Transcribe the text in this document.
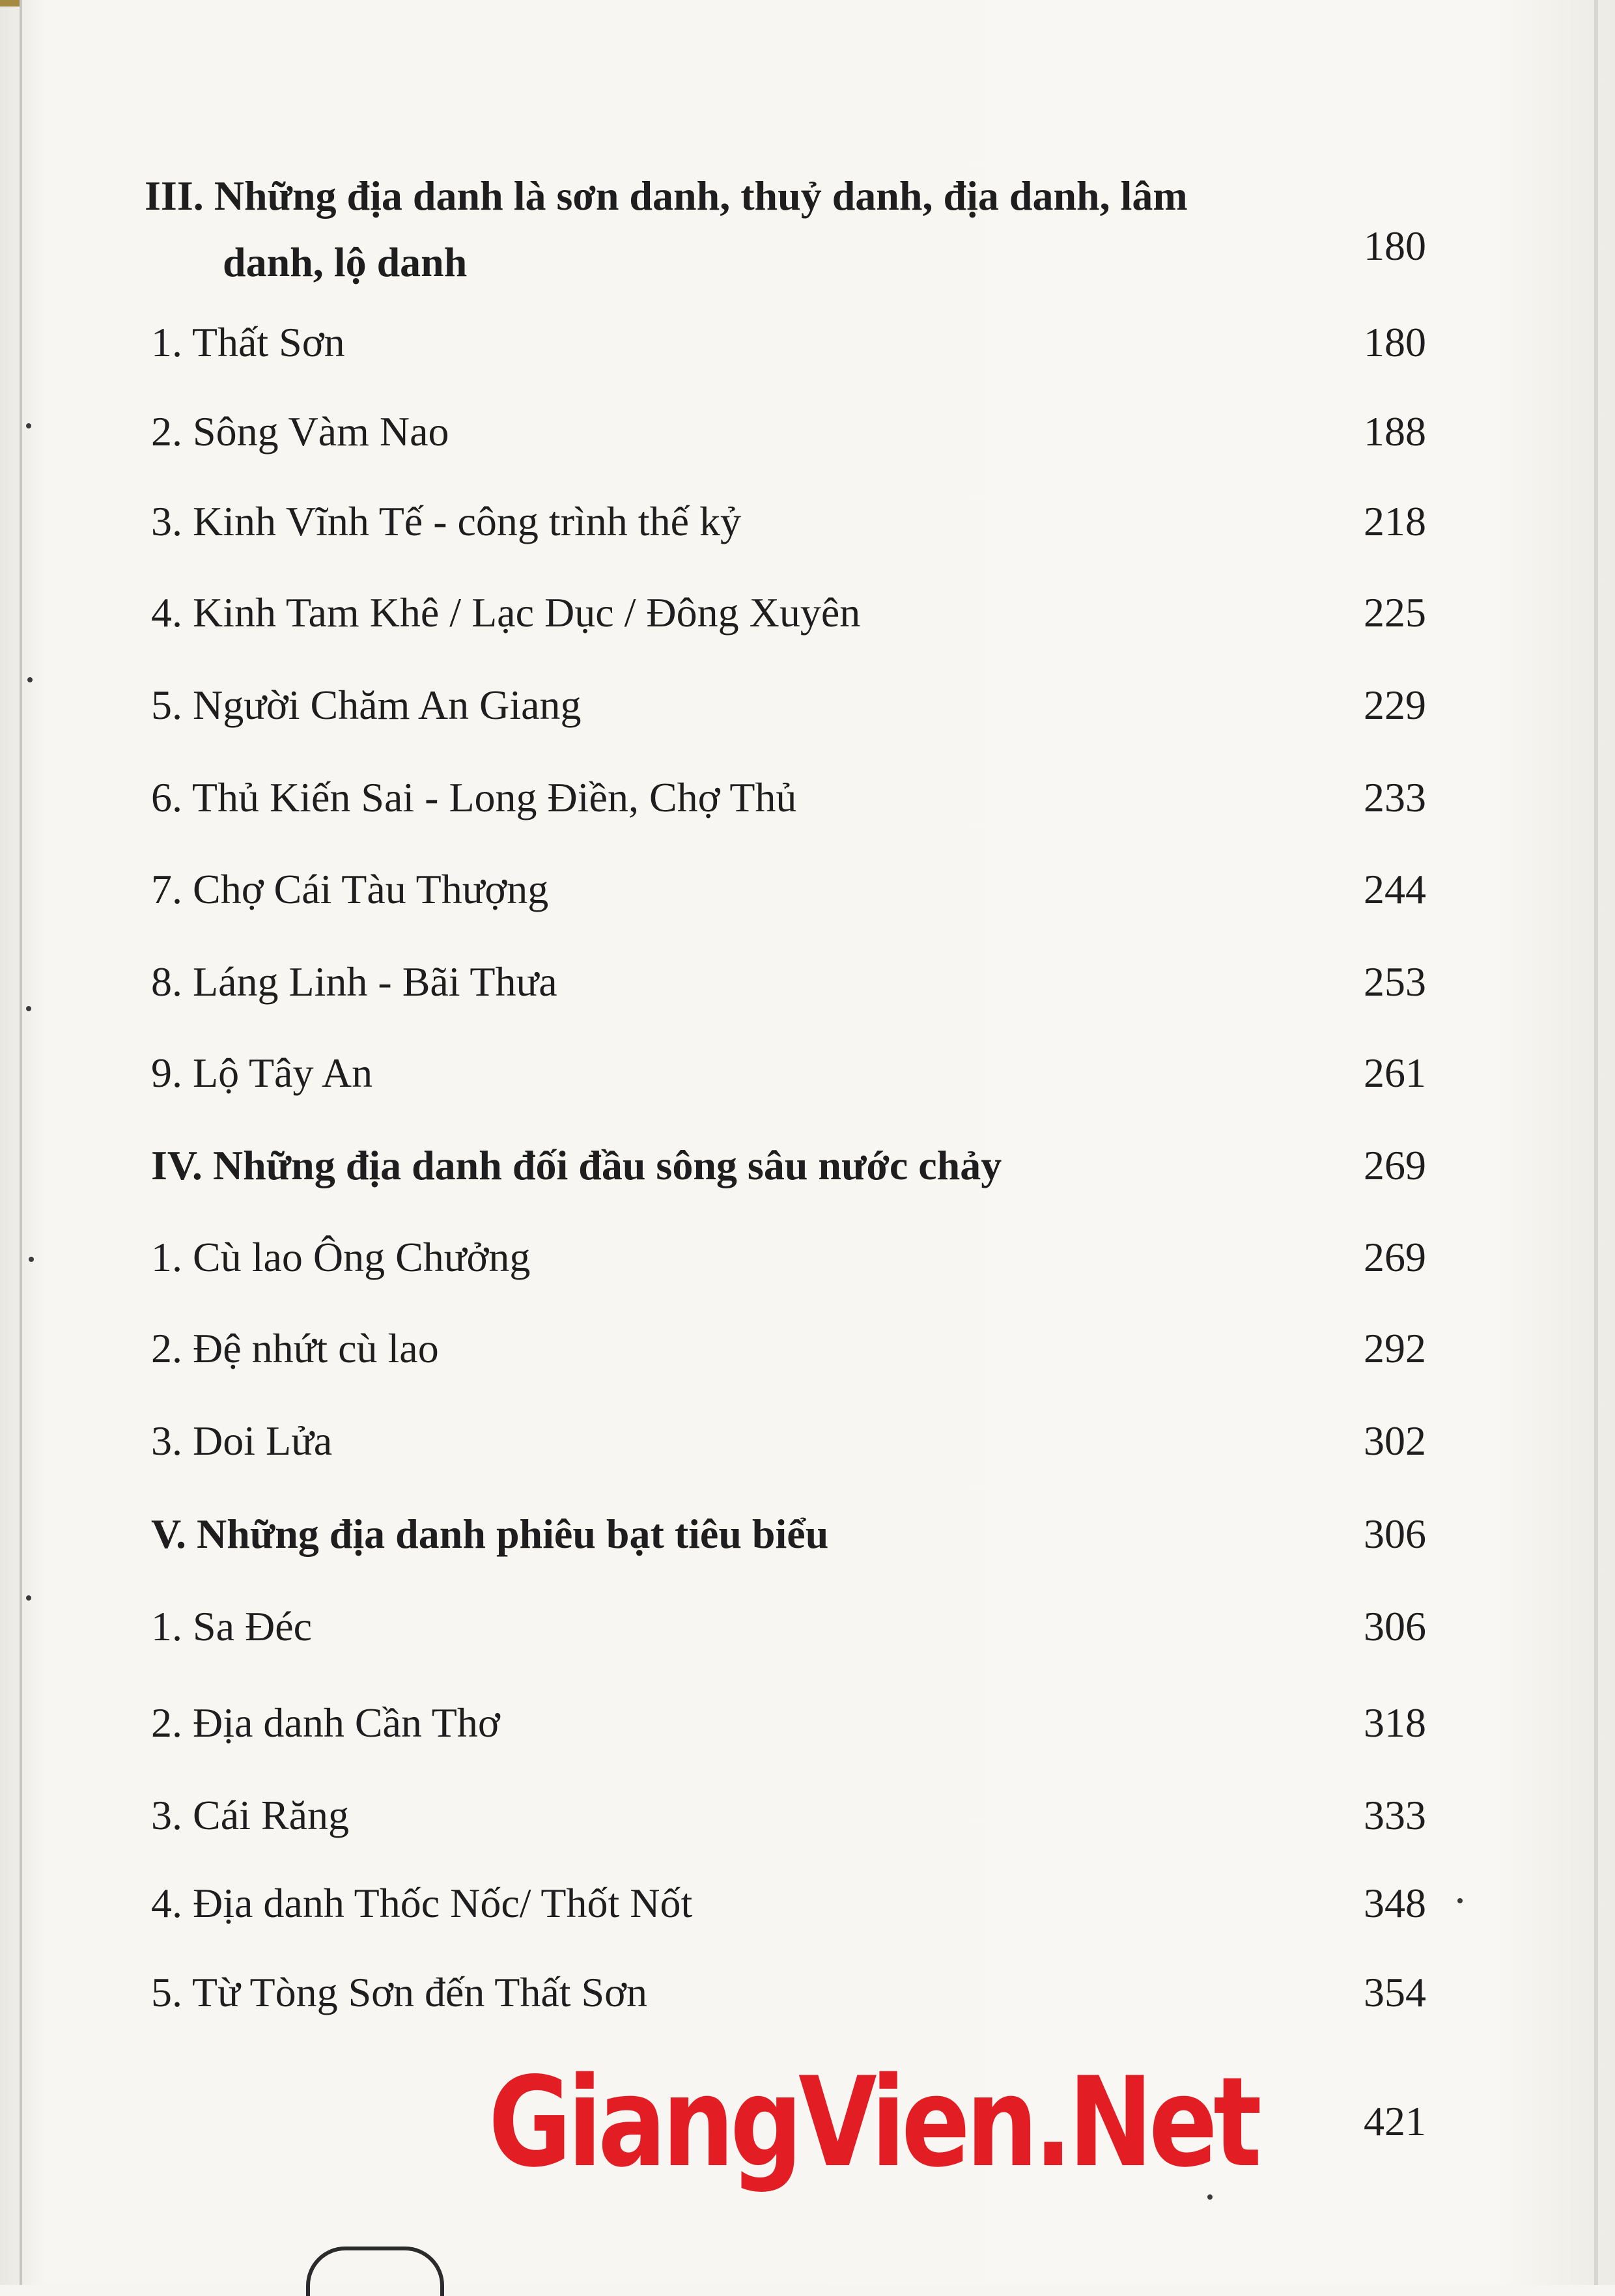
III. Những địa danh là sơn danh, thuỷ danh, địa danh, lâm
danh, lộ danh	180
1. Thất Sơn	180
2. Sông Vàm Nao	188
3. Kinh Vĩnh Tế - công trình thế kỷ	218
4. Kinh Tam Khê / Lạc Dục / Đông Xuyên	225
5. Người Chăm An Giang	229
6. Thủ Kiến Sai - Long Điền, Chợ Thủ	233
7. Chợ Cái Tàu Thượng	244
8. Láng Linh - Bãi Thưa	253
9. Lộ Tây An	261
IV. Những địa danh đối đầu sông sâu nước chảy	269
1. Cù lao Ông Chưởng	269
2. Đệ nhứt cù lao	292
3. Doi Lửa	302
V. Những địa danh phiêu bạt tiêu biểu	306
1. Sa Đéc	306
2. Địa danh Cần Thơ	318
3. Cái Răng	333
4. Địa danh Thốc Nốc/ Thốt Nốt	348
5. Từ Tòng Sơn đến Thất Sơn	354
421
GiangVien.Net
